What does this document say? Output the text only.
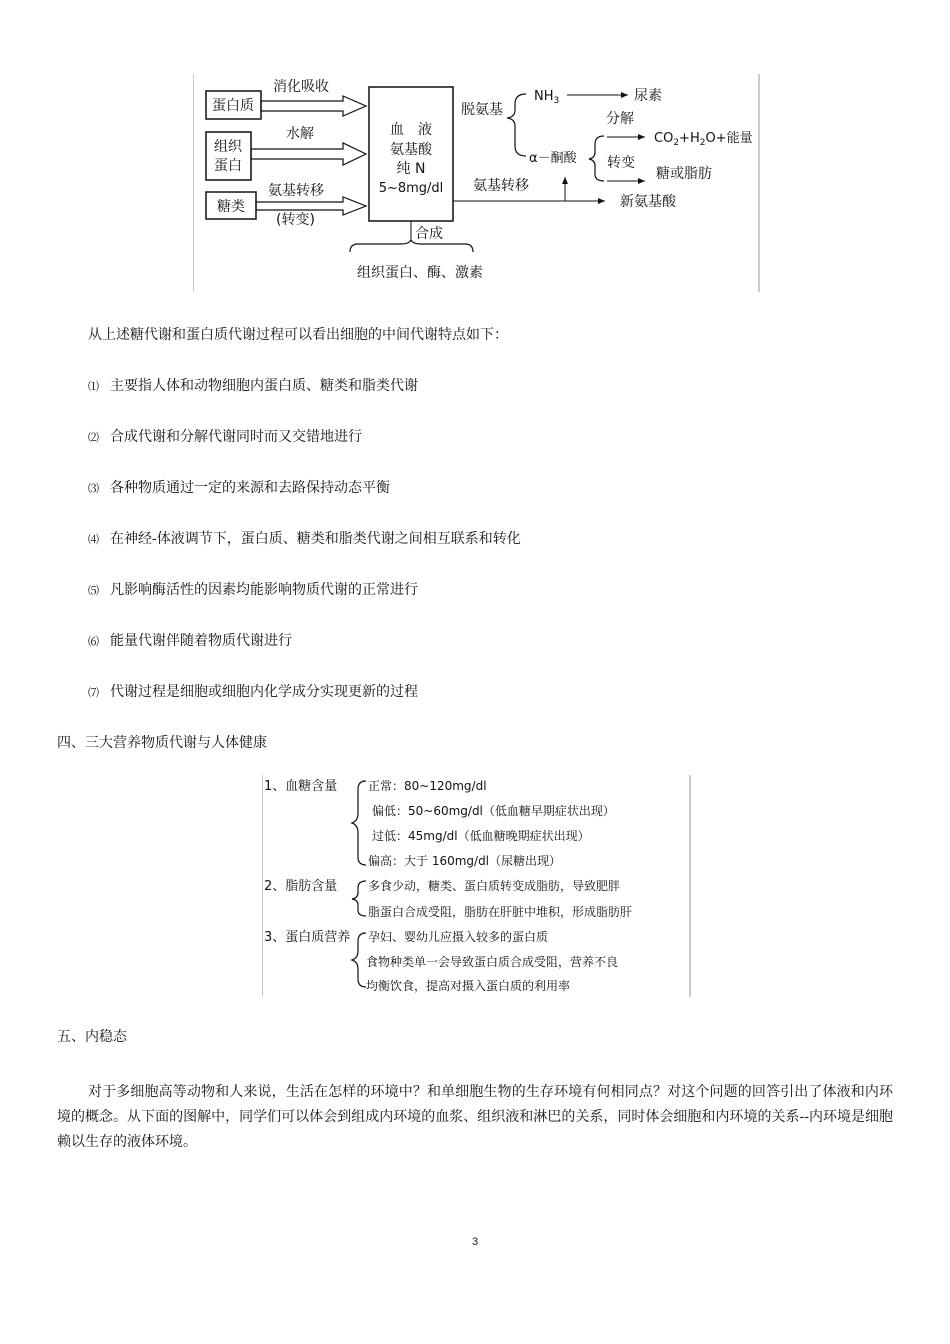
蛋白质
组织
蛋白
糖类
消化吸收
水解
氨基转移
(转变)
血　液
氨基酸
纯 N
5~8mg/dl
脱氨基
$NH_3$	尿素
α－酮酸
分解
$CO_2+H_2O+$能量
转变
糖或脂肪
氨基转移
新氨基酸
合成
组织蛋白、酶、激素
从上述糖代谢和蛋白质代谢过程可以看出细胞的中间代谢特点如下：
⑴ 主要指人体和动物细胞内蛋白质、糖类和脂类代谢
⑵ 合成代谢和分解代谢同时而又交错地进行
⑶ 各种物质通过一定的来源和去路保持动态平衡
⑷ 在神经-体液调节下，蛋白质、糖类和脂类代谢之间相互联系和转化
⑸ 凡影响酶活性的因素均能影响物质代谢的正常进行
⑹ 能量代谢伴随着物质代谢进行
⑺ 代谢过程是细胞或细胞内化学成分实现更新的过程
四、三大营养物质代谢与人体健康
1、血糖含量	正常：80~120mg/dl
偏低：50~60mg/dl（低血糖早期症状出现）
过低：45mg/dl（低血糖晚期症状出现）
偏高：大于 160mg/dl（尿糖出现）
2、脂肪含量	多食少动，糖类、蛋白质转变成脂肪，导致肥胖
脂蛋白合成受阻，脂肪在肝脏中堆积，形成脂肪肝
3、蛋白质营养 孕妇、婴幼儿应摄入较多的蛋白质
食物种类单一会导致蛋白质合成受阻，营养不良
均衡饮食，提高对摄入蛋白质的利用率
五、内稳态
对于多细胞高等动物和人来说，生活在怎样的环境中？和单细胞生物的生存环境有何相同点？对这个问题的回答引出了体液和内环境的概念。从下面的图解中，同学们可以体会到组成内环境的血浆、组织液和淋巴的关系，同时体会细胞和内环境的关系--内环境是细胞赖以生存的液体环境。
3
